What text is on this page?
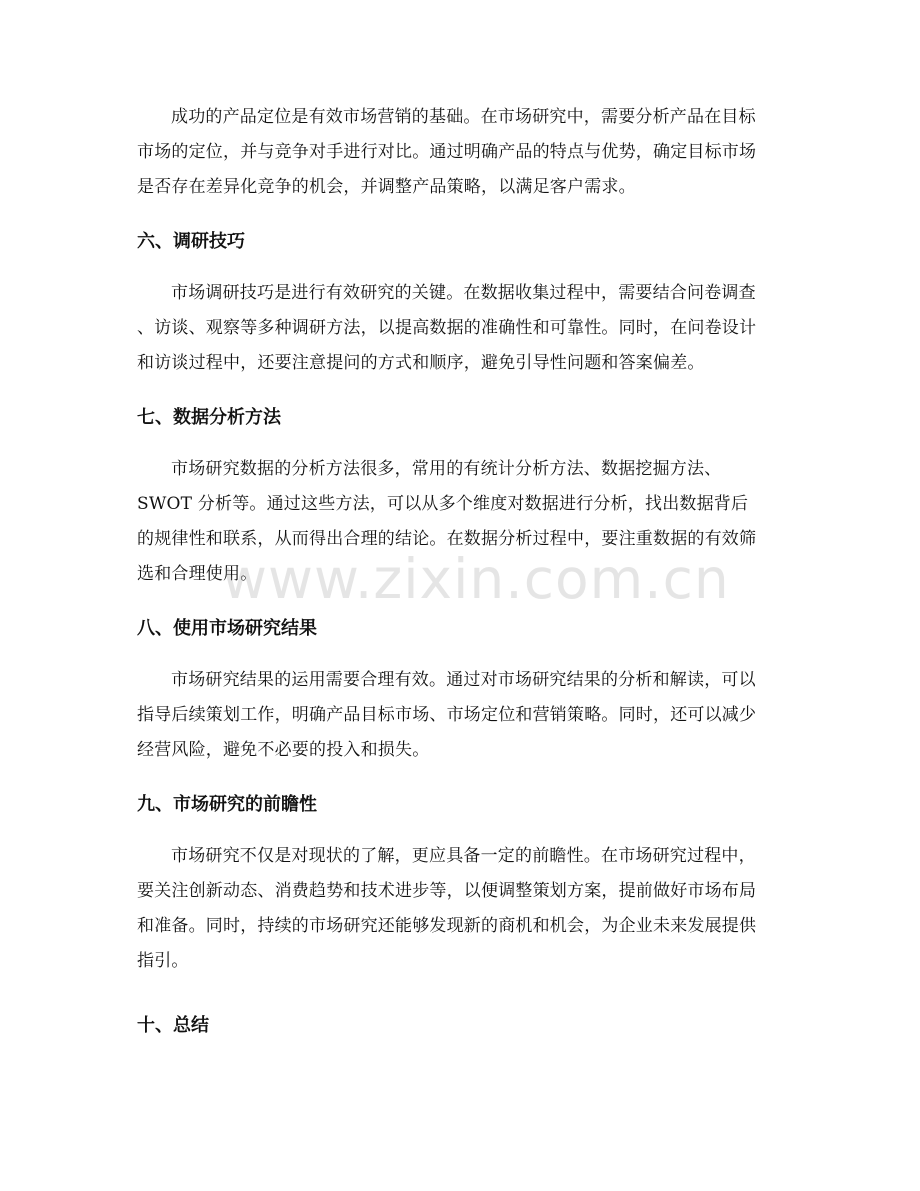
成功的产品定位是有效市场营销的基础。在市场研究中，需要分析产品在目标
市场的定位，并与竞争对手进行对比。通过明确产品的特点与优势，确定目标市场
是否存在差异化竞争的机会，并调整产品策略，以满足客户需求。

六、调研技巧

市场调研技巧是进行有效研究的关键。在数据收集过程中，需要结合问卷调查
、访谈、观察等多种调研方法，以提高数据的准确性和可靠性。同时，在问卷设计
和访谈过程中，还要注意提问的方式和顺序，避免引导性问题和答案偏差。

七、数据分析方法

市场研究数据的分析方法很多，常用的有统计分析方法、数据挖掘方法、
SWOT 分析等。通过这些方法，可以从多个维度对数据进行分析，找出数据背后
的规律性和联系，从而得出合理的结论。在数据分析过程中，要注重数据的有效筛
选和合理使用。

八、使用市场研究结果

市场研究结果的运用需要合理有效。通过对市场研究结果的分析和解读，可以
指导后续策划工作，明确产品目标市场、市场定位和营销策略。同时，还可以减少
经营风险，避免不必要的投入和损失。

九、市场研究的前瞻性

市场研究不仅是对现状的了解，更应具备一定的前瞻性。在市场研究过程中，
要关注创新动态、消费趋势和技术进步等，以便调整策划方案，提前做好市场布局
和准备。同时，持续的市场研究还能够发现新的商机和机会，为企业未来发展提供
指引。

十、总结
www.zixin.com.cn
